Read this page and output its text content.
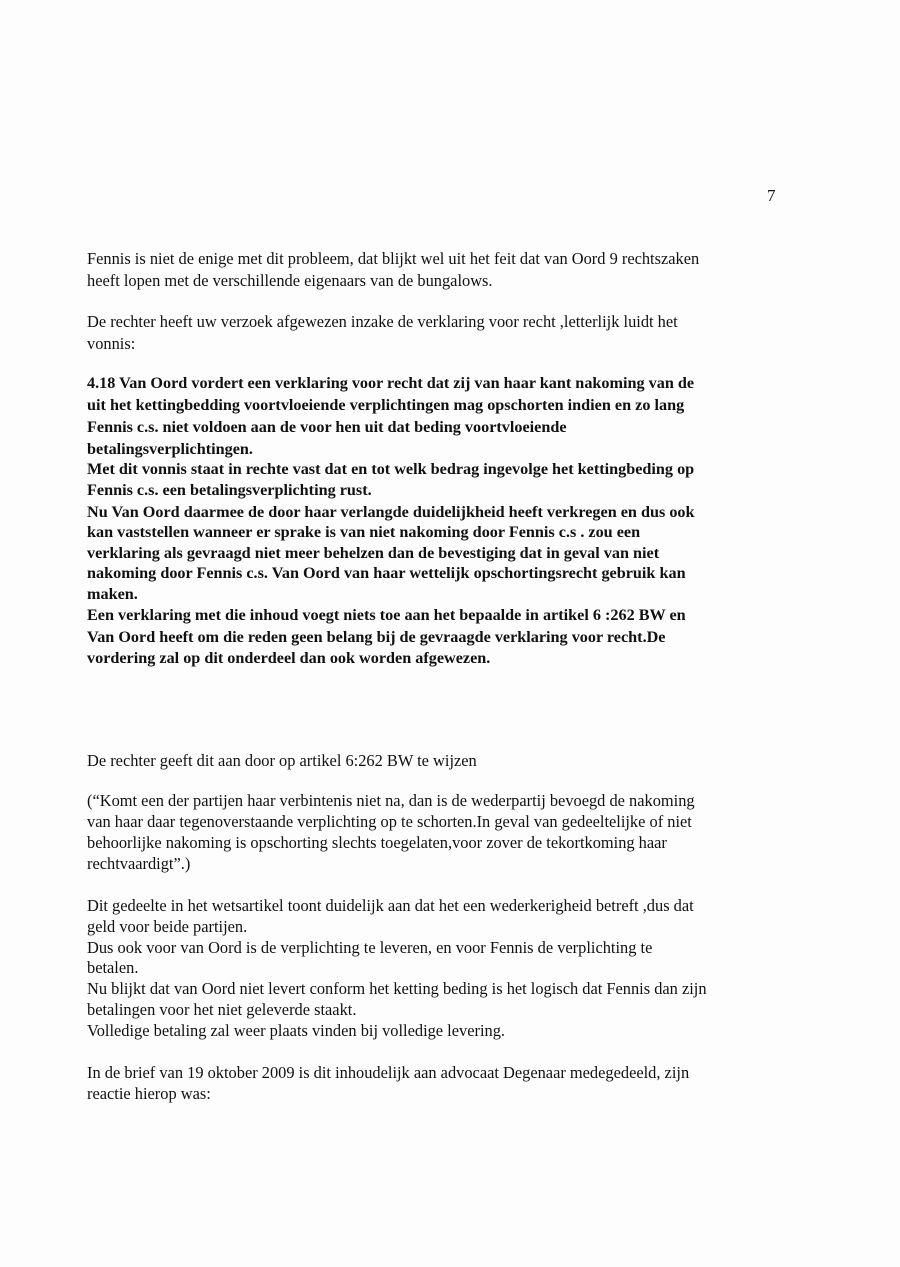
7
Fennis is niet de enige met dit probleem, dat blijkt wel uit het feit dat van Oord 9 rechtszaken
heeft lopen met de verschillende eigenaars van de bungalows.
De rechter heeft uw verzoek afgewezen inzake de verklaring voor recht ,letterlijk luidt het
vonnis:
4.18 Van Oord vordert een verklaring voor recht dat zij van haar kant nakoming van de
uit het kettingbedding voortvloeiende verplichtingen mag opschorten indien en zo lang
Fennis c.s. niet voldoen aan de voor hen uit dat beding voortvloeiende
betalingsverplichtingen.
Met dit vonnis staat in rechte vast dat en tot welk bedrag ingevolge het kettingbeding op
Fennis c.s. een betalingsverplichting rust.
Nu Van Oord daarmee de door haar verlangde duidelijkheid heeft verkregen en dus ook
kan vaststellen wanneer er sprake is van niet nakoming door Fennis c.s . zou een
verklaring als gevraagd niet meer behelzen dan de bevestiging dat in geval van niet
nakoming door Fennis c.s. Van Oord van haar wettelijk opschortingsrecht gebruik kan
maken.
Een verklaring met die inhoud voegt niets toe aan het bepaalde in artikel 6 :262 BW en
Van Oord heeft om die reden geen belang bij de gevraagde verklaring voor recht.De
vordering zal op dit onderdeel dan ook worden afgewezen.
De rechter geeft dit aan door op artikel 6:262 BW te wijzen
(“Komt een der partijen haar verbintenis niet na, dan is de wederpartij bevoegd de nakoming
van haar daar tegenoverstaande verplichting op te schorten.In geval van gedeeltelijke of niet
behoorlijke nakoming is opschorting slechts toegelaten,voor zover de tekortkoming haar
rechtvaardigt”.)
Dit gedeelte in het wetsartikel toont duidelijk aan dat het een wederkerigheid betreft ,dus dat
geld voor beide partijen.
Dus ook voor van Oord is de verplichting te leveren, en voor Fennis de verplichting te
betalen.
Nu blijkt dat van Oord niet levert conform het ketting beding is het logisch dat Fennis dan zijn
betalingen voor het niet geleverde staakt.
Volledige betaling zal weer plaats vinden bij volledige levering.
In de brief van 19 oktober 2009 is dit inhoudelijk aan advocaat Degenaar medegedeeld, zijn
reactie hierop was:
